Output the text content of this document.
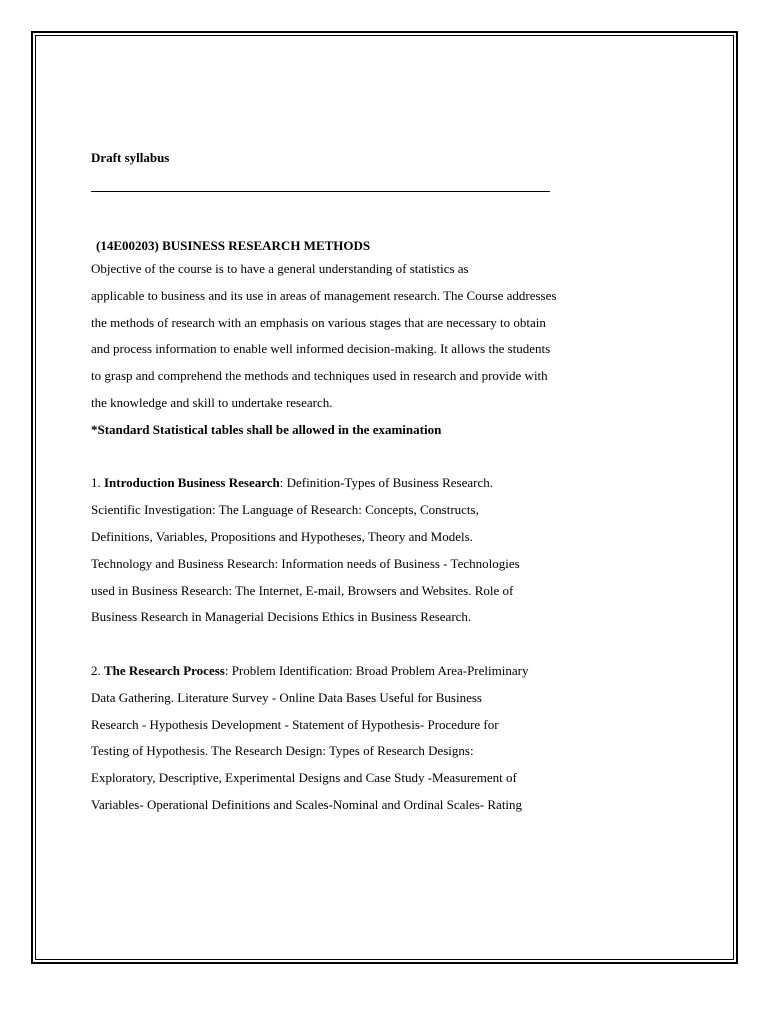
Draft syllabus
(14E00203) BUSINESS RESEARCH METHODS
Objective of the course is to have a general understanding of statistics as
applicable to business and its use in areas of management research. The Course addresses
the methods of research with an emphasis on various stages that are necessary to obtain
and process information to enable well informed decision-making. It allows the students
to grasp and comprehend the methods and techniques used in research and provide with
the knowledge and skill to undertake research.
*Standard Statistical tables shall be allowed in the examination
1. Introduction Business Research: Definition-Types of Business Research.
Scientific Investigation: The Language of Research: Concepts, Constructs,
Definitions, Variables, Propositions and Hypotheses, Theory and Models.
Technology and Business Research: Information needs of Business - Technologies
used in Business Research: The Internet, E-mail, Browsers and Websites. Role of
Business Research in Managerial Decisions Ethics in Business Research.
2. The Research Process: Problem Identification: Broad Problem Area-Preliminary
Data Gathering. Literature Survey - Online Data Bases Useful for Business
Research - Hypothesis Development - Statement of Hypothesis- Procedure for
Testing of Hypothesis. The Research Design: Types of Research Designs:
Exploratory, Descriptive, Experimental Designs and Case Study -Measurement of
Variables- Operational Definitions and Scales-Nominal and Ordinal Scales- Rating
